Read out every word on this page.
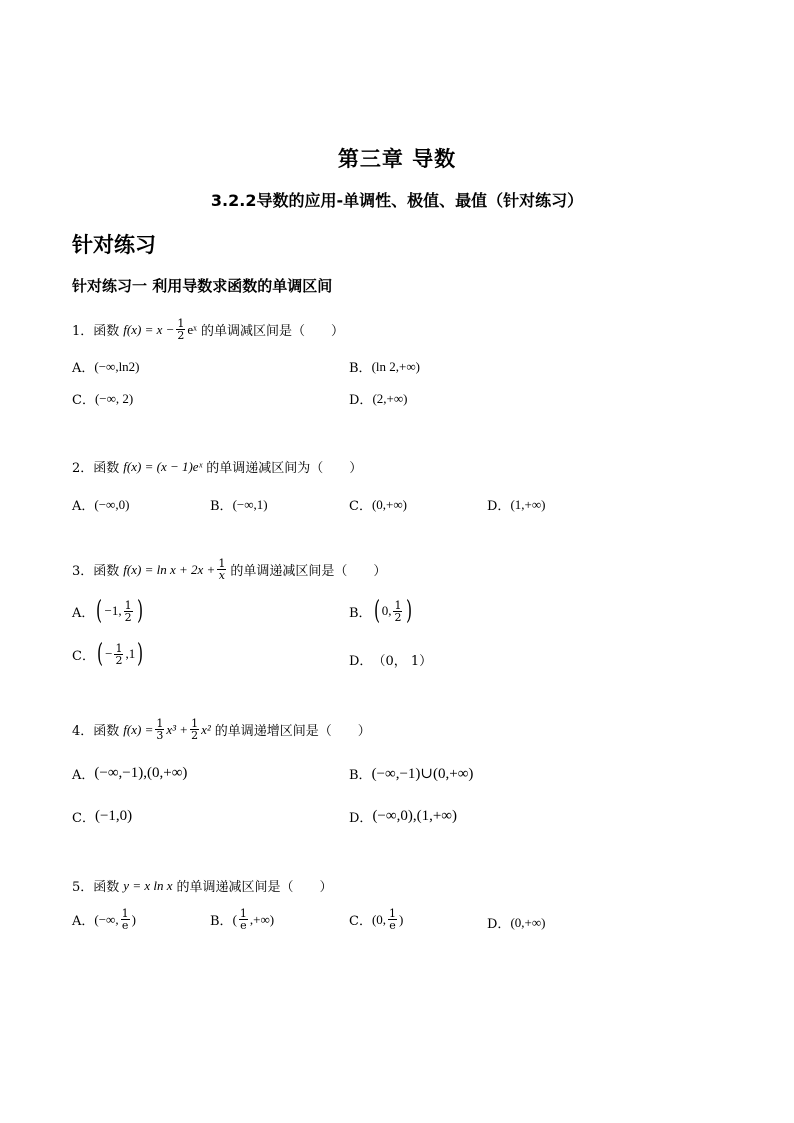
第三章 导数
3.2.2导数的应用-单调性、极值、最值（针对练习）
针对练习
针对练习一 利用导数求函数的单调区间
1． 函数 $f(x) = x - \frac{1}{2}$ eˣ 的单调减区间是（　　）
A． (−∞,ln2)	B． (ln 2,+∞)
C． (−∞, 2)	D． (2,+∞)
2． 函数 f(x) = (x − 1)eˣ 的单调递减区间为（　　）
A． (−∞,0)	B． (−∞,1)	C． (0,+∞)	D． (1,+∞)
3． 函数 $f(x) = \ln x + 2x + \frac{1}{x}$ 的单调递减区间是（　　）
A． ( −1, $\frac{1}{2}$ )	B． ( 0, $\frac{1}{2}$ )
C． ( − $\frac{1}{2} ,1$ )	D． （0， 1）
4． 函数 $f(x) = \frac{1}{3} x^3 + \frac{1}{2} x^2$ 的单调递增区间是（　　）
A． (−∞,−1),(0,+∞)	B． (−∞,−1)∪(0,+∞)
C． (−1,0)	D． (−∞,0),(1,+∞)
5． 函数 y = x ln x 的单调递减区间是（　　）
A． (−∞, $\frac{1}{e}$ )	B． ( $\frac{1}{e}$ ,+∞)	C． (0, $\frac{1}{e}$ )	D． (0,+∞)
